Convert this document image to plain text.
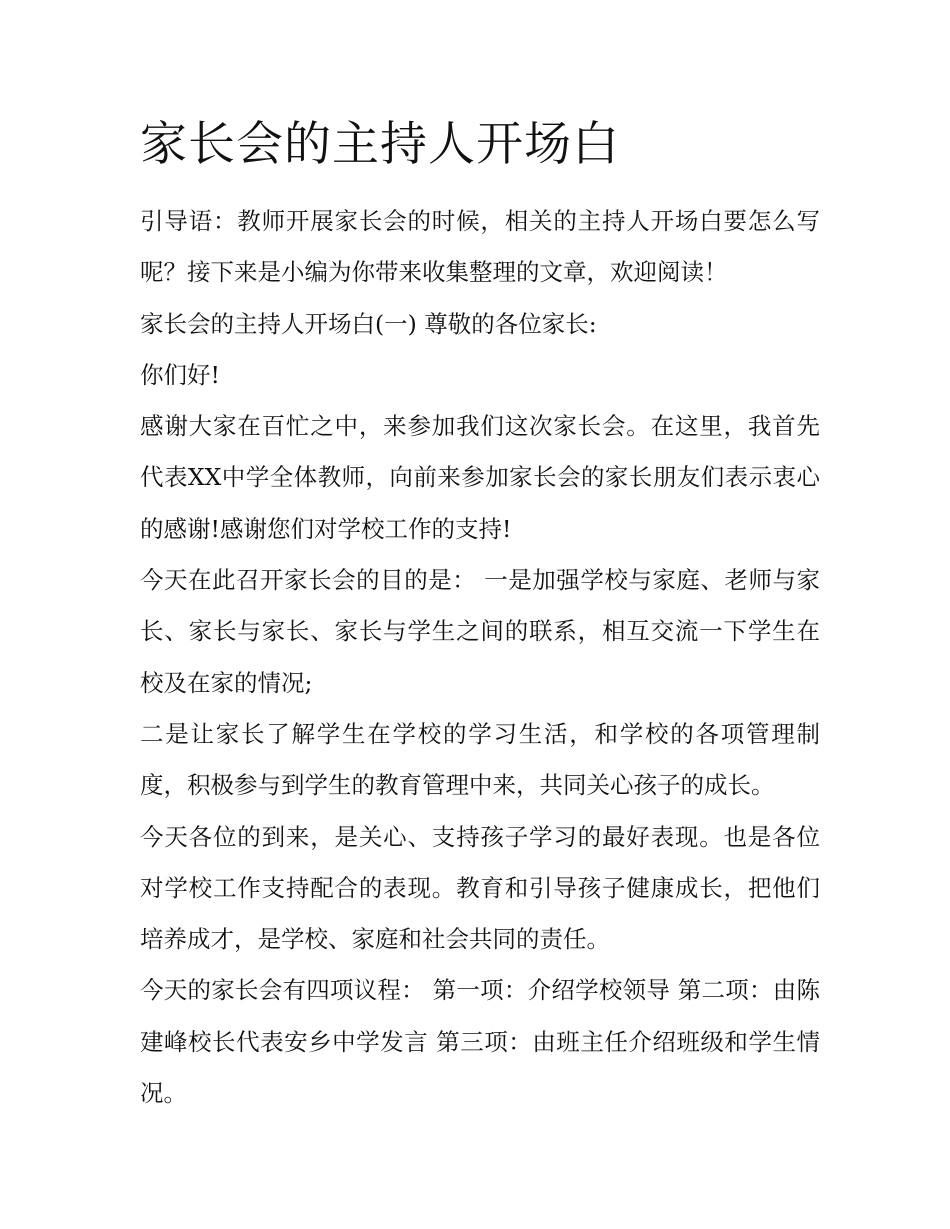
家长会的主持人开场白

引导语：教师开展家长会的时候，相关的主持人开场白要怎么写呢？接下来是小编为你带来收集整理的文章，欢迎阅读！

家长会的主持人开场白(一) 尊敬的各位家长:

你们好!

感谢大家在百忙之中，来参加我们这次家长会。在这里，我首先代表XX中学全体教师，向前来参加家长会的家长朋友们表示衷心的感谢!感谢您们对学校工作的支持!

今天在此召开家长会的目的是： 一是加强学校与家庭、老师与家长、家长与家长、家长与学生之间的联系，相互交流一下学生在校及在家的情况;

二是让家长了解学生在学校的学习生活，和学校的各项管理制度，积极参与到学生的教育管理中来，共同关心孩子的成长。

今天各位的到来，是关心、支持孩子学习的最好表现。也是各位对学校工作支持配合的表现。教育和引导孩子健康成长，把他们培养成才，是学校、家庭和社会共同的责任。

今天的家长会有四项议程： 第一项：介绍学校领导 第二项：由陈建峰校长代表安乡中学发言 第三项：由班主任介绍班级和学生情况。
